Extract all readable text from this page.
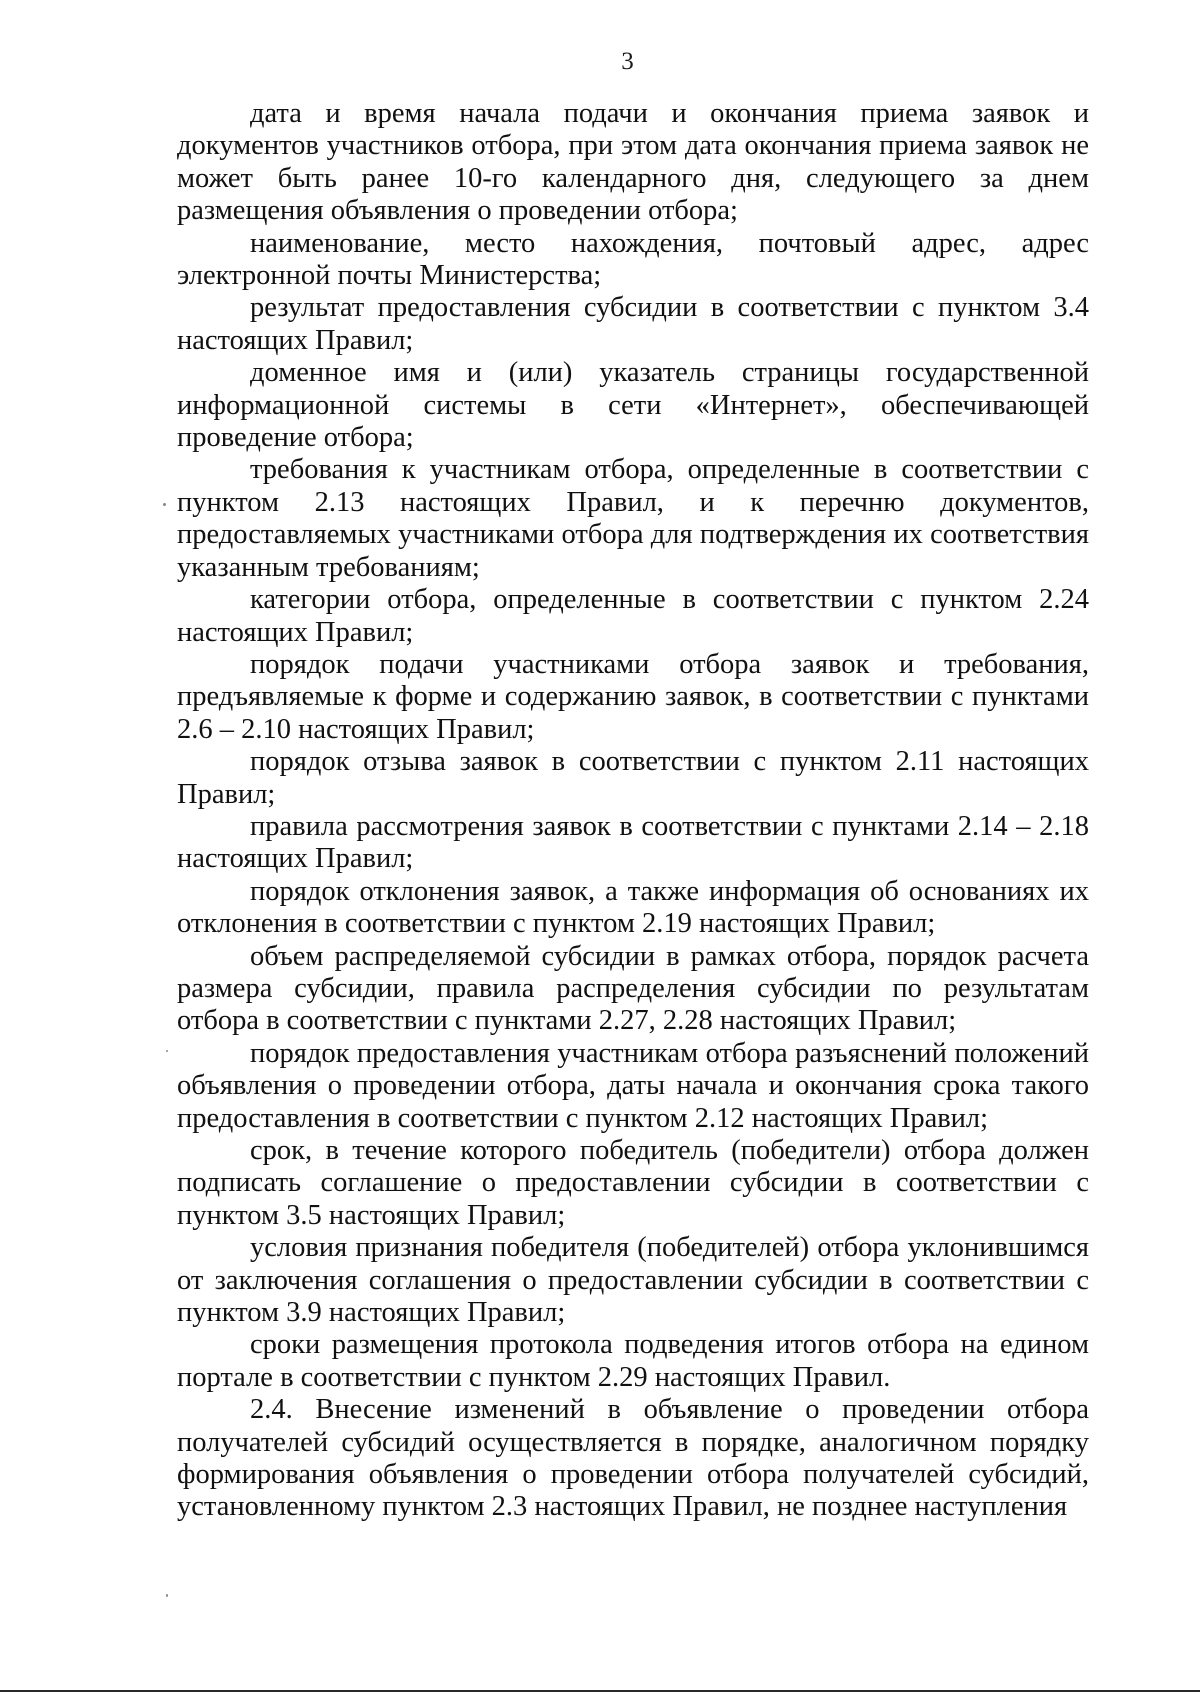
3

дата и время начала подачи и окончания приема заявок и документов участников отбора, при этом дата окончания приема заявок не может быть ранее 10-го календарного дня, следующего за днем размещения объявления о проведении отбора;

наименование, место нахождения, почтовый адрес, адрес электронной почты Министерства;

результат предоставления субсидии в соответствии с пунктом 3.4 настоящих Правил;

доменное имя и (или) указатель страницы государственной информационной системы в сети «Интернет», обеспечивающей проведение отбора;

требования к участникам отбора, определенные в соответствии с пунктом 2.13 настоящих Правил, и к перечню документов, предоставляемых участниками отбора для подтверждения их соответствия указанным требованиям;

категории отбора, определенные в соответствии с пунктом 2.24 настоящих Правил;

порядок подачи участниками отбора заявок и требования, предъявляемые к форме и содержанию заявок, в соответствии с пунктами 2.6 – 2.10 настоящих Правил;

порядок отзыва заявок в соответствии с пунктом 2.11 настоящих Правил;

правила рассмотрения заявок в соответствии с пунктами 2.14 – 2.18 настоящих Правил;

порядок отклонения заявок, а также информация об основаниях их отклонения в соответствии с пунктом 2.19 настоящих Правил;

объем распределяемой субсидии в рамках отбора, порядок расчета размера субсидии, правила распределения субсидии по результатам отбора в соответствии с пунктами 2.27, 2.28 настоящих Правил;

порядок предоставления участникам отбора разъяснений положений объявления о проведении отбора, даты начала и окончания срока такого предоставления в соответствии с пунктом 2.12 настоящих Правил;

срок, в течение которого победитель (победители) отбора должен подписать соглашение о предоставлении субсидии в соответствии с пунктом 3.5 настоящих Правил;

условия признания победителя (победителей) отбора уклонившимся от заключения соглашения о предоставлении субсидии в соответствии с пунктом 3.9 настоящих Правил;

сроки размещения протокола подведения итогов отбора на едином портале в соответствии с пунктом 2.29 настоящих Правил.

2.4. Внесение изменений в объявление о проведении отбора получателей субсидий осуществляется в порядке, аналогичном порядку формирования объявления о проведении отбора получателей субсидий, установленному пунктом 2.3 настоящих Правил, не позднее наступления
